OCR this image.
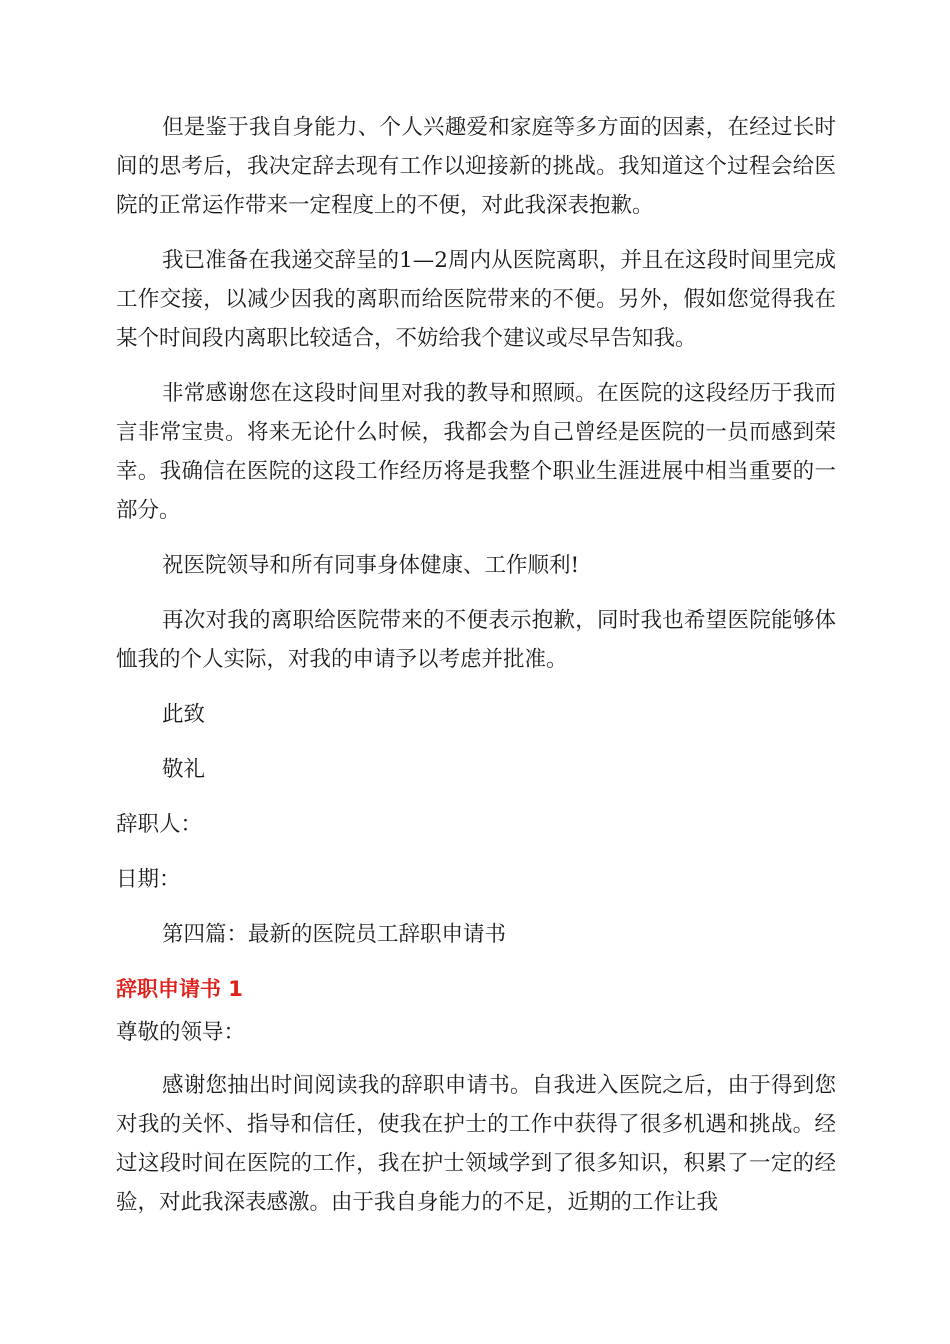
但是鉴于我自身能力、个人兴趣爱和家庭等多方面的因素，在经过长时间的思考后，我决定辞去现有工作以迎接新的挑战。我知道这个过程会给医院的正常运作带来一定程度上的不便，对此我深表抱歉。

我已准备在我递交辞呈的1—2周内从医院离职，并且在这段时间里完成工作交接，以减少因我的离职而给医院带来的不便。另外，假如您觉得我在某个时间段内离职比较适合，不妨给我个建议或尽早告知我。

非常感谢您在这段时间里对我的教导和照顾。在医院的这段经历于我而言非常宝贵。将来无论什么时候，我都会为自己曾经是医院的一员而感到荣幸。我确信在医院的这段工作经历将是我整个职业生涯进展中相当重要的一部分。

祝医院领导和所有同事身体健康、工作顺利!

再次对我的离职给医院带来的不便表示抱歉，同时我也希望医院能够体恤我的个人实际，对我的申请予以考虑并批准。

此致

敬礼

辞职人：

日期：

第四篇：最新的医院员工辞职申请书

辞职申请书 1

尊敬的领导：

感谢您抽出时间阅读我的辞职申请书。自我进入医院之后，由于得到您对我的关怀、指导和信任，使我在护士的工作中获得了很多机遇和挑战。经过这段时间在医院的工作，我在护士领域学到了很多知识，积累了一定的经验，对此我深表感激。由于我自身能力的不足，近期的工作让我
